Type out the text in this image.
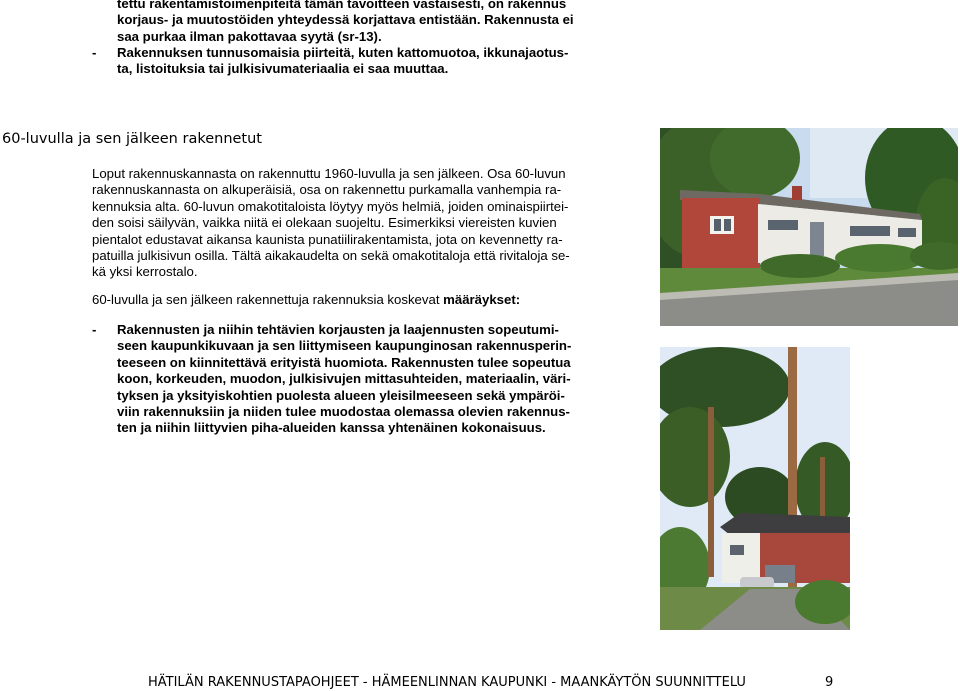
tettu rakentamistoimenpiteitä tämän tavoitteen vastaisesti, on rakennus
korjaus- ja muutostöiden yhteydessä korjattava entistään. Rakennusta ei
saa purkaa ilman pakottavaa syytä (sr-13).
- Rakennuksen tunnusomaisia piirteitä, kuten kattomuotoa, ikkunajaotus-
ta, listoituksia tai julkisivumateriaalia ei saa muuttaa.
60-luvulla ja sen jälkeen rakennetut
Loput rakennuskannasta on rakennuttu 1960-luvulla ja sen jälkeen. Osa 60-luvun
rakennuskannasta on alkuperäisiä, osa on rakennettu purkamalla vanhempia ra-
kennuksia alta. 60-luvun omakotitaloista löytyy myös helmiä, joiden ominaispiirtei-
den soisi säilyvän, vaikka niitä ei olekaan suojeltu. Esimerkiksi viereisten kuvien
pientalot edustavat aikansa kaunista punatiilirakentamista, jota on kevennetty ra-
patuilla julkisivun osilla. Tältä aikakaudelta on sekä omakotitaloja että rivitaloja se-
kä yksi kerrostalo.
60-luvulla ja sen jälkeen rakennettuja rakennuksia koskevat määräykset:
- Rakennusten ja niihin tehtävien korjausten ja laajennusten sopeutumi-
seen kaupunkikuvaan ja sen liittymiseen kaupunginosan rakennusperin-
teeseen on kiinnitettävä erityistä huomiota. Rakennusten tulee sopeutua
koon, korkeuden, muodon, julkisivujen mittasuhteiden, materiaalin, väri-
tyksen ja yksityiskohtien puolesta alueen yleisilmeeseen sekä ympäröi-
viin rakennuksiin ja niiden tulee muodostaa olemassa olevien rakennus-
ten ja niihin liittyvien piha-alueiden kanssa yhtenäinen kokonaisuus.
HÄTILÄN RAKENNUSTAPAOHJEET - HÄMEENLINNAN KAUPUNKI - MAANKÄYTÖN SUUNNITTELU	9
